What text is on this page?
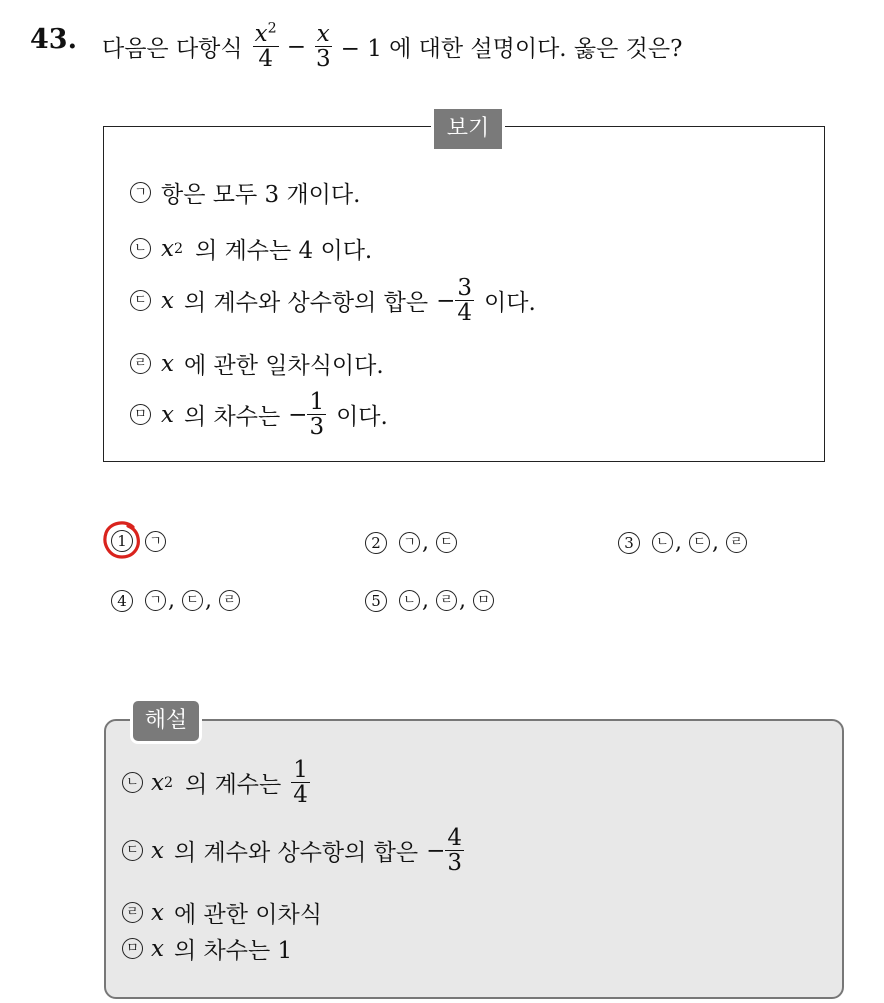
43. 다음은 다항식 $\frac{x^2}{4} - \frac{x}{3} - 1$ 에 대한 설명이다. 옳은 것은?
보기
ㄱ 항은 모두 3 개이다.
ㄴ x 2 의 계수는 4 이다.
ㄷ x 의 계수와 상수항의 합은 − $\frac{3}{4}$ 이다.
ㄹ x 에 관한 일차식이다.
ㅁ x 의 차수는 − $\frac{1}{3}$ 이다.
1	ㄱ	2	ㄱ , ㄷ	3	ㄴ , ㄷ , ㄹ
4	ㄱ , ㄷ , ㄹ	5	ㄴ , ㄹ , ㅁ
해설
ㄴ x 2 의 계수는 $\frac{1}{4}$
ㄷ x 의 계수와 상수항의 합은 − $\frac{4}{3}$
ㄹ x 에 관한 이차식
ㅁ x 의 차수는 1
